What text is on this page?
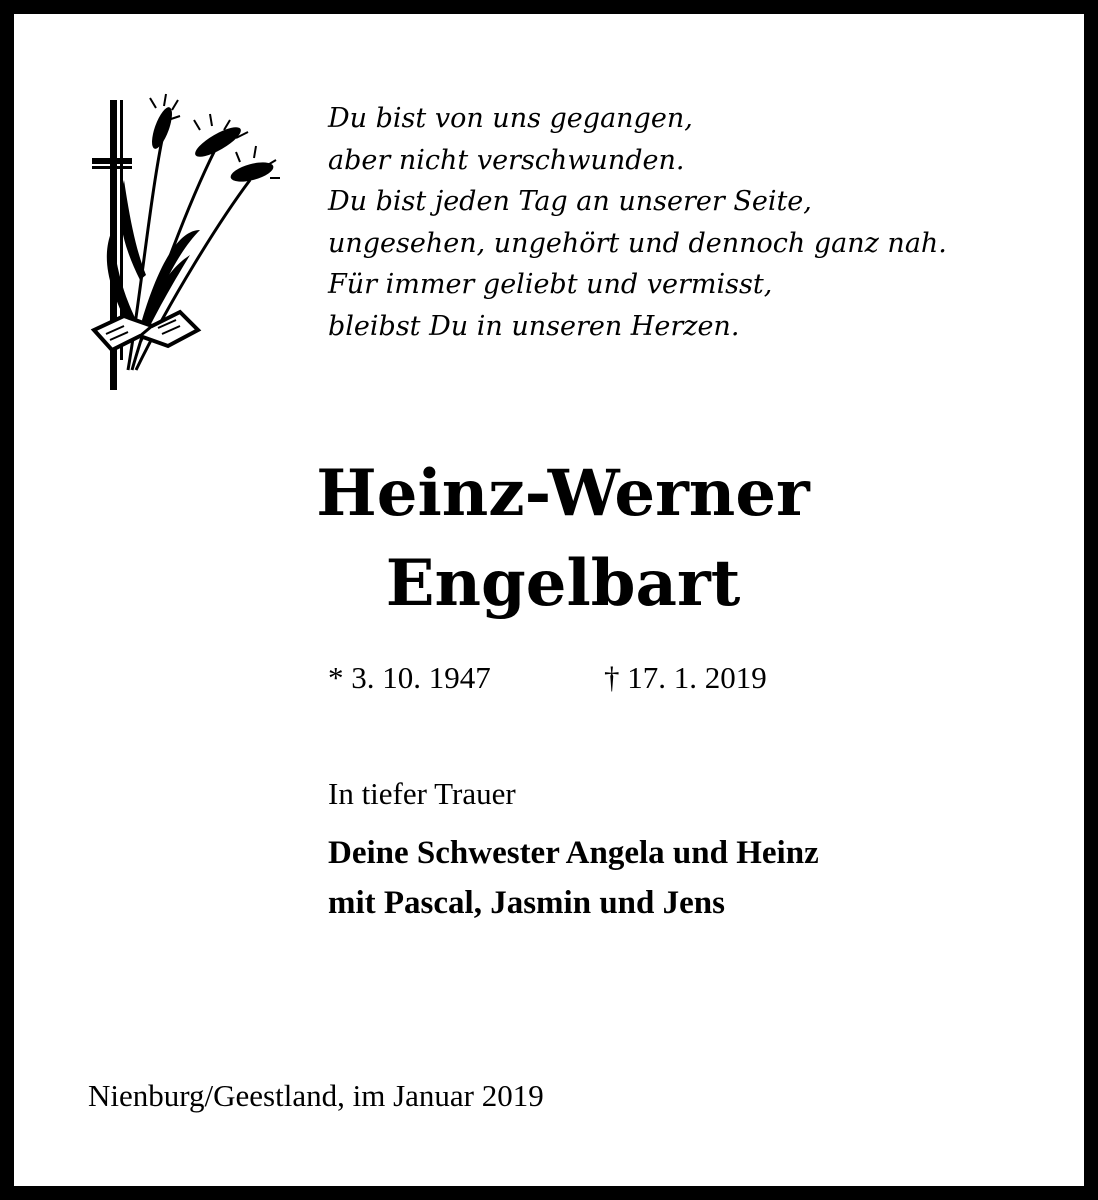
Du bist von uns gegangen,
aber nicht verschwunden.
Du bist jeden Tag an unserer Seite,
ungesehen, ungehört und dennoch ganz nah.
Für immer geliebt und vermisst,
bleibst Du in unseren Herzen.
Heinz-Werner
Engelbart
* 3. 10. 1947	† 17. 1. 2019
In tiefer Trauer
Deine Schwester Angela und Heinz
mit Pascal, Jasmin und Jens
Nienburg/Geestland, im Januar 2019
